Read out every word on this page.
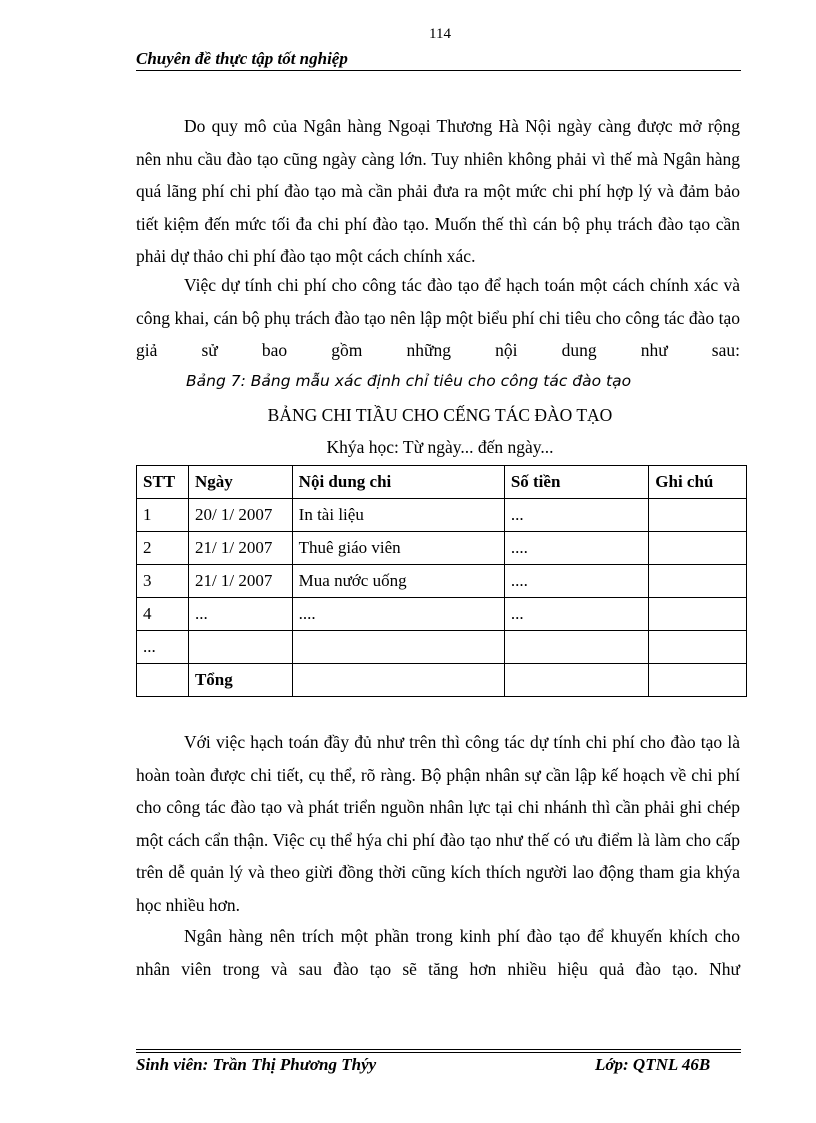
114
Chuyên đề thực tập tốt nghiệp

Do quy mô của Ngân hàng Ngoại Thương Hà Nội ngày càng được mở rộng nên nhu cầu đào tạo cũng ngày càng lớn. Tuy nhiên không phải vì thế mà Ngân hàng quá lãng phí chi phí đào tạo mà cần phải đưa ra một mức chi phí hợp lý và đảm bảo tiết kiệm đến mức tối đa chi phí đào tạo. Muốn thế thì cán bộ phụ trách đào tạo cần phải dự thảo chi phí đào tạo một cách chính xác.

Việc dự tính chi phí cho công tác đào tạo để hạch toán một cách chính xác và công khai, cán bộ phụ trách đào tạo nên lập một biểu phí chi tiêu cho công tác đào tạo giả sử bao gồm những nội dung như sau:

Bảng 7: Bảng mẫu xác định chỉ tiêu cho công tác đào tạo
BẢNG CHI TIẦU CHO CẾNG TÁC ĐÀO TẠO
Khýa học: Từ ngày... đến ngày...
STT	Ngày	Nội dung chi	Số tiền	Ghi chú
1	20/ 1/ 2007	In tài liệu	...	
2	21/ 1/ 2007	Thuê giáo viên	....	
3	21/ 1/ 2007	Mua nước uống	....	
4	...	....	...	
...				
	Tổng			

Với việc hạch toán đầy đủ như trên thì công tác dự tính chi phí cho đào tạo là hoàn toàn được chi tiết, cụ thể, rõ ràng. Bộ phận nhân sự cần lập kế hoạch về chi phí cho công tác đào tạo và phát triển nguồn nhân lực tại chi nhánh thì cần phải ghi chép một cách cẩn thận. Việc cụ thể hýa chi phí đào tạo như thế có ưu điểm là làm cho cấp trên dễ quản lý và theo giừi đồng thời cũng kích thích người lao động tham gia khýa học nhiều hơn.

Ngân hàng nên trích một phần trong kinh phí đào tạo để khuyến khích cho nhân viên trong và sau đào tạo sẽ tăng hơn nhiều hiệu quả đào tạo. Như

Sinh viên: Trần Thị Phương Thýy	Lớp: QTNL 46B
